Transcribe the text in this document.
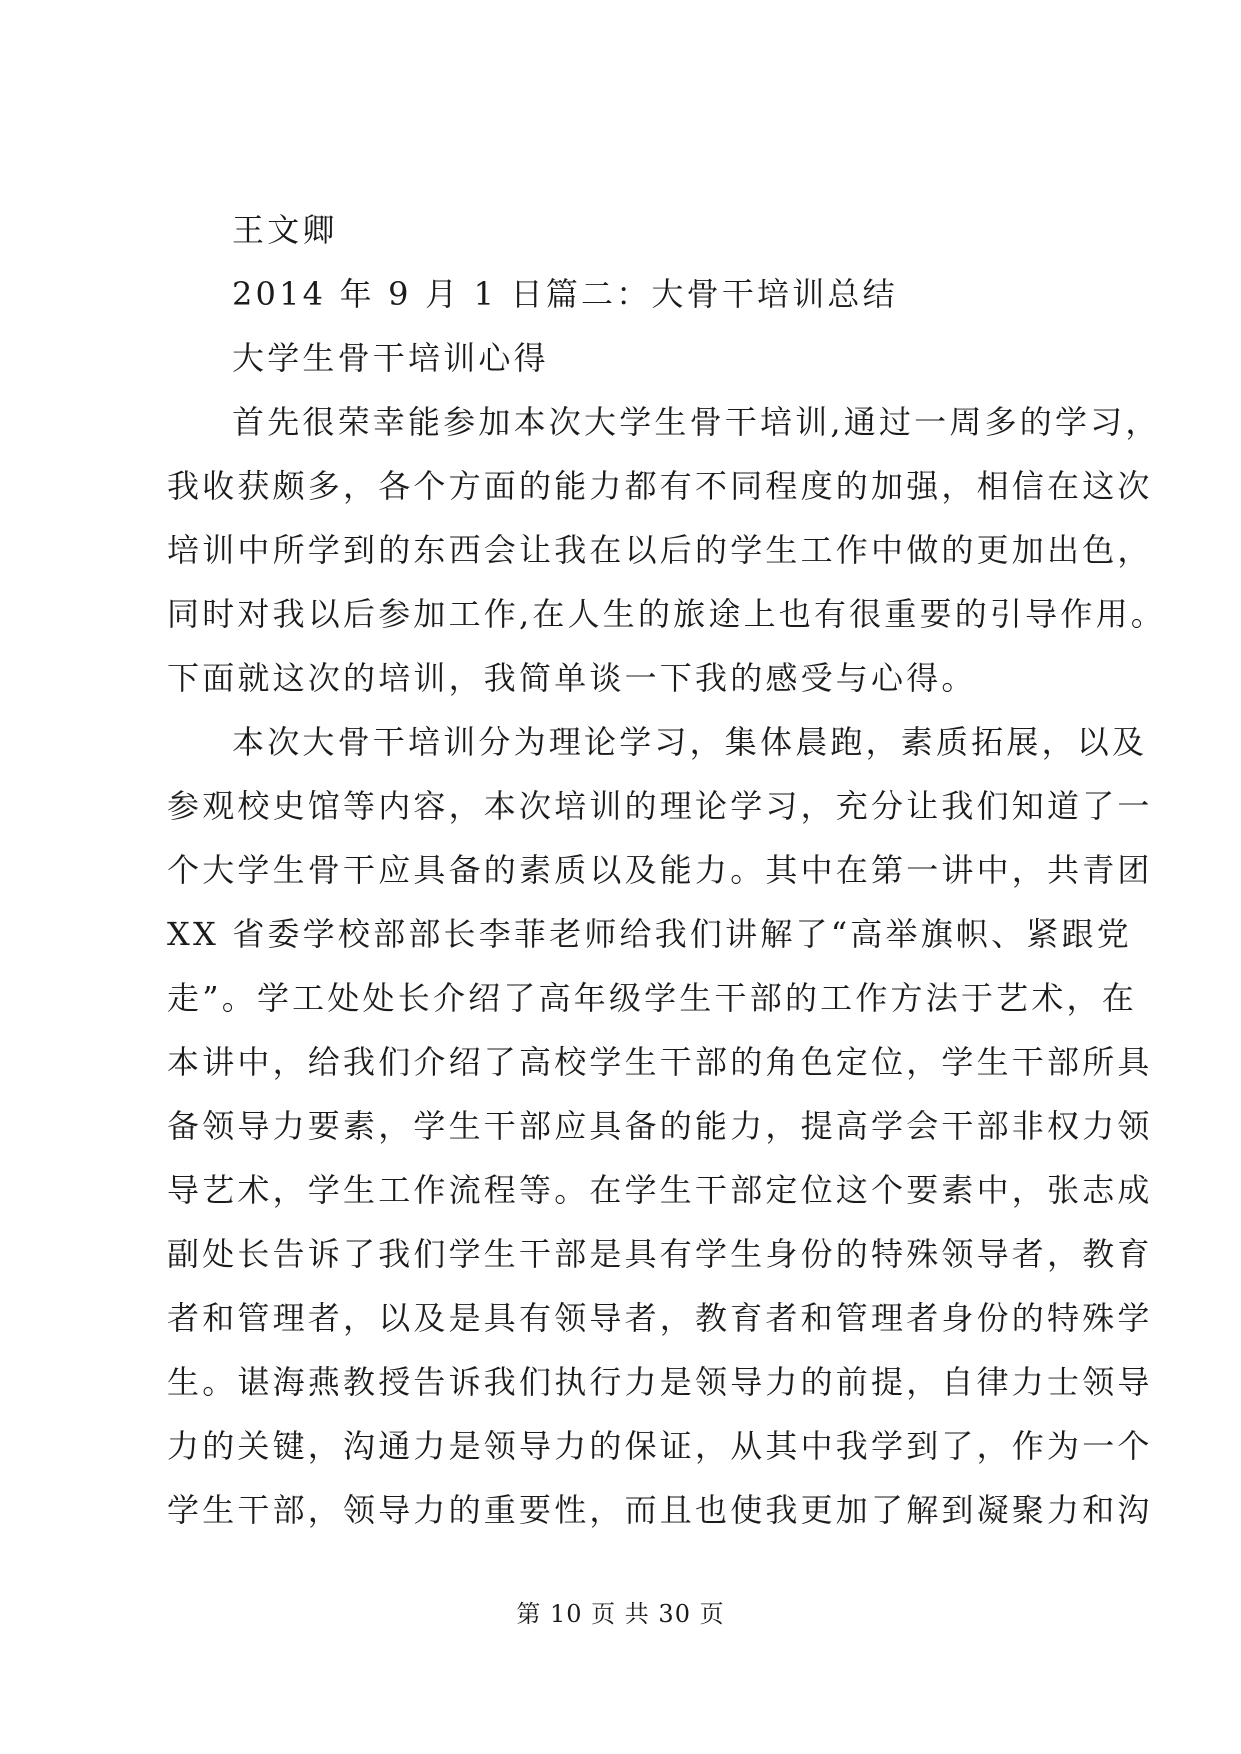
王文卿
2014 年 9 月 1 日篇二：大骨干培训总结
大学生骨干培训心得
首先很荣幸能参加本次大学生骨干培训,通过一周多的学习，
我收获颇多，各个方面的能力都有不同程度的加强，相信在这次
培训中所学到的东西会让我在以后的学生工作中做的更加出色，
同时对我以后参加工作,在人生的旅途上也有很重要的引导作用。
下面就这次的培训，我简单谈一下我的感受与心得。
本次大骨干培训分为理论学习，集体晨跑，素质拓展，以及
参观校史馆等内容，本次培训的理论学习，充分让我们知道了一
个大学生骨干应具备的素质以及能力。其中在第一讲中，共青团
XX 省委学校部部长李菲老师给我们讲解了“高举旗帜、紧跟党
走”。学工处处长介绍了高年级学生干部的工作方法于艺术，在
本讲中，给我们介绍了高校学生干部的角色定位，学生干部所具
备领导力要素，学生干部应具备的能力，提高学会干部非权力领
导艺术，学生工作流程等。在学生干部定位这个要素中，张志成
副处长告诉了我们学生干部是具有学生身份的特殊领导者，教育
者和管理者，以及是具有领导者，教育者和管理者身份的特殊学
生。谌海燕教授告诉我们执行力是领导力的前提，自律力士领导
力的关键，沟通力是领导力的保证，从其中我学到了，作为一个
学生干部，领导力的重要性，而且也使我更加了解到凝聚力和沟
第 10 页 共 30 页
